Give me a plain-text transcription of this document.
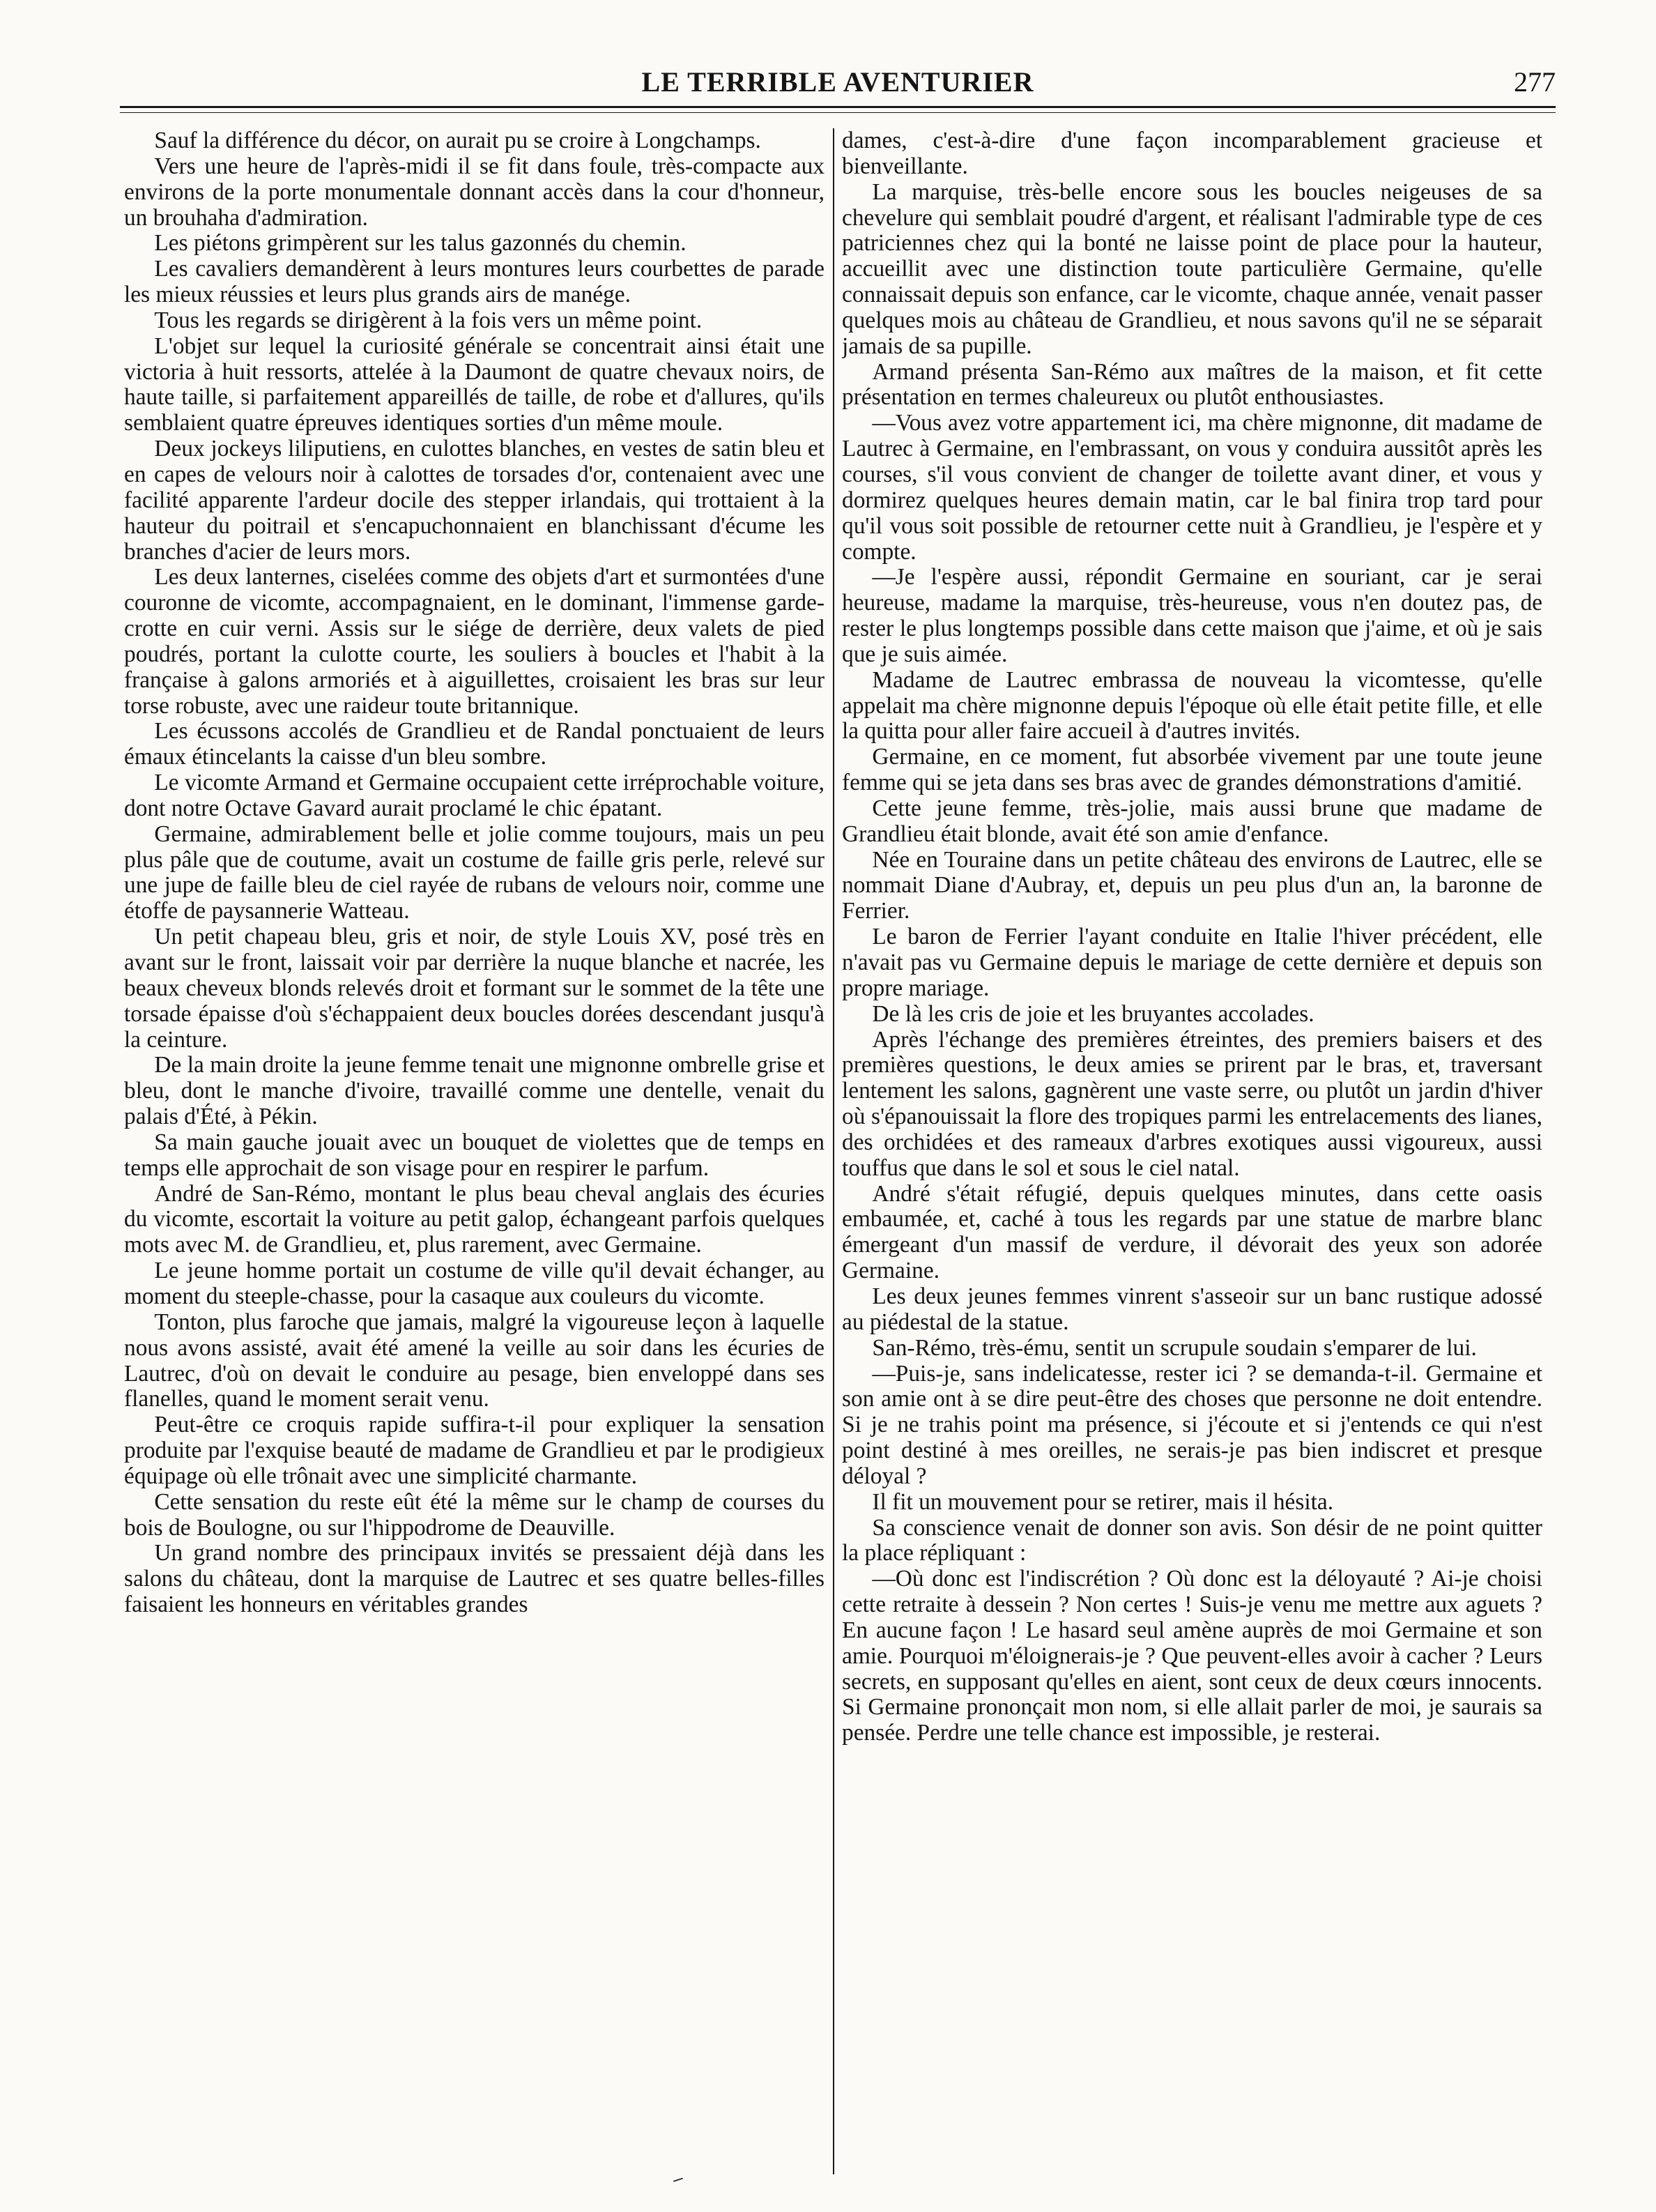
LE TERRIBLE AVENTURIER	277

Sauf la différence du décor, on aurait pu se croire à Longchamps.

Vers une heure de l'après-midi il se fit dans foule, très-compacte aux environs de la porte monumentale donnant accès dans la cour d'honneur, un brouhaha d'admiration.

Les piétons grimpèrent sur les talus gazonnés du chemin.

Les cavaliers demandèrent à leurs montures leurs courbettes de parade les mieux réussies et leurs plus grands airs de manége.

Tous les regards se dirigèrent à la fois vers un même point.

L'objet sur lequel la curiosité générale se concentrait ainsi était une victoria à huit ressorts, attelée à la Daumont de quatre chevaux noirs, de haute taille, si parfaitement appareillés de taille, de robe et d'allures, qu'ils semblaient quatre épreuves identiques sorties d'un même moule.

Deux jockeys liliputiens, en culottes blanches, en vestes de satin bleu et en capes de velours noir à calottes de torsades d'or, contenaient avec une facilité apparente l'ardeur docile des stepper irlandais, qui trottaient à la hauteur du poitrail et s'encapuchonnaient en blanchissant d'écume les branches d'acier de leurs mors.

Les deux lanternes, ciselées comme des objets d'art et surmontées d'une couronne de vicomte, accompagnaient, en le dominant, l'immense garde-crotte en cuir verni. Assis sur le siége de derrière, deux valets de pied poudrés, portant la culotte courte, les souliers à boucles et l'habit à la française à galons armoriés et à aiguillettes, croisaient les bras sur leur torse robuste, avec une raideur toute britannique.

Les écussons accolés de Grandlieu et de Randal ponctuaient de leurs émaux étincelants la caisse d'un bleu sombre.

Le vicomte Armand et Germaine occupaient cette irréprochable voiture, dont notre Octave Gavard aurait proclamé le chic épatant.

Germaine, admirablement belle et jolie comme toujours, mais un peu plus pâle que de coutume, avait un costume de faille gris perle, relevé sur une jupe de faille bleu de ciel rayée de rubans de velours noir, comme une étoffe de paysannerie Watteau.

Un petit chapeau bleu, gris et noir, de style Louis XV, posé très en avant sur le front, laissait voir par derrière la nuque blanche et nacrée, les beaux cheveux blonds relevés droit et formant sur le sommet de la tête une torsade épaisse d'où s'échappaient deux boucles dorées descendant jusqu'à la ceinture.

De la main droite la jeune femme tenait une mignonne ombrelle grise et bleu, dont le manche d'ivoire, travaillé comme une dentelle, venait du palais d'Été, à Pékin.

Sa main gauche jouait avec un bouquet de violettes que de temps en temps elle approchait de son visage pour en respirer le parfum.

André de San-Rémo, montant le plus beau cheval anglais des écuries du vicomte, escortait la voiture au petit galop, échangeant parfois quelques mots avec M. de Grandlieu, et, plus rarement, avec Germaine.

Le jeune homme portait un costume de ville qu'il devait échanger, au moment du steeple-chasse, pour la casaque aux couleurs du vicomte.

Tonton, plus faroche que jamais, malgré la vigoureuse leçon à laquelle nous avons assisté, avait été amené la veille au soir dans les écuries de Lautrec, d'où on devait le conduire au pesage, bien enveloppé dans ses flanelles, quand le moment serait venu.

Peut-être ce croquis rapide suffira-t-il pour expliquer la sensation produite par l'exquise beauté de madame de Grandlieu et par le prodigieux équipage où elle trônait avec une simplicité charmante.

Cette sensation du reste eût été la même sur le champ de courses du bois de Boulogne, ou sur l'hippodrome de Deauville.

Un grand nombre des principaux invités se pressaient déjà dans les salons du château, dont la marquise de Lautrec et ses quatre belles-filles faisaient les honneurs en véritables grandes

dames, c'est-à-dire d'une façon incomparablement gracieuse et bienveillante.

La marquise, très-belle encore sous les boucles neigeuses de sa chevelure qui semblait poudré d'argent, et réalisant l'admirable type de ces patriciennes chez qui la bonté ne laisse point de place pour la hauteur, accueillit avec une distinction toute particulière Germaine, qu'elle connaissait depuis son enfance, car le vicomte, chaque année, venait passer quelques mois au château de Grandlieu, et nous savons qu'il ne se séparait jamais de sa pupille.

Armand présenta San-Rémo aux maîtres de la maison, et fit cette présentation en termes chaleureux ou plutôt enthousiastes.

—Vous avez votre appartement ici, ma chère mignonne, dit madame de Lautrec à Germaine, en l'embrassant, on vous y conduira aussitôt après les courses, s'il vous convient de changer de toilette avant diner, et vous y dormirez quelques heures demain matin, car le bal finira trop tard pour qu'il vous soit possible de retourner cette nuit à Grandlieu, je l'espère et y compte.

—Je l'espère aussi, répondit Germaine en souriant, car je serai heureuse, madame la marquise, très-heureuse, vous n'en doutez pas, de rester le plus longtemps possible dans cette maison que j'aime, et où je sais que je suis aimée.

Madame de Lautrec embrassa de nouveau la vicomtesse, qu'elle appelait ma chère mignonne depuis l'époque où elle était petite fille, et elle la quitta pour aller faire accueil à d'autres invités.

Germaine, en ce moment, fut absorbée vivement par une toute jeune femme qui se jeta dans ses bras avec de grandes démonstrations d'amitié.

Cette jeune femme, très-jolie, mais aussi brune que madame de Grandlieu était blonde, avait été son amie d'enfance.

Née en Touraine dans un petite château des environs de Lautrec, elle se nommait Diane d'Aubray, et, depuis un peu plus d'un an, la baronne de Ferrier.

Le baron de Ferrier l'ayant conduite en Italie l'hiver précédent, elle n'avait pas vu Germaine depuis le mariage de cette dernière et depuis son propre mariage.

De là les cris de joie et les bruyantes accolades.

Après l'échange des premières étreintes, des premiers baisers et des premières questions, le deux amies se prirent par le bras, et, traversant lentement les salons, gagnèrent une vaste serre, ou plutôt un jardin d'hiver où s'épanouissait la flore des tropiques parmi les entrelacements des lianes, des orchidées et des rameaux d'arbres exotiques aussi vigoureux, aussi touffus que dans le sol et sous le ciel natal.

André s'était réfugié, depuis quelques minutes, dans cette oasis embaumée, et, caché à tous les regards par une statue de marbre blanc émergeant d'un massif de verdure, il dévorait des yeux son adorée Germaine.

Les deux jeunes femmes vinrent s'asseoir sur un banc rustique adossé au piédestal de la statue.

San-Rémo, très-ému, sentit un scrupule soudain s'emparer de lui.

—Puis-je, sans indelicatesse, rester ici ? se demanda-t-il. Germaine et son amie ont à se dire peut-être des choses que personne ne doit entendre. Si je ne trahis point ma présence, si j'écoute et si j'entends ce qui n'est point destiné à mes oreilles, ne serais-je pas bien indiscret et presque déloyal ?

Il fit un mouvement pour se retirer, mais il hésita.

Sa conscience venait de donner son avis. Son désir de ne point quitter la place répliquant :

—Où donc est l'indiscrétion ? Où donc est la déloyauté ? Ai-je choisi cette retraite à dessein ? Non certes ! Suis-je venu me mettre aux aguets ? En aucune façon ! Le hasard seul amène auprès de moi Germaine et son amie. Pourquoi m'éloignerais-je ? Que peuvent-elles avoir à cacher ? Leurs secrets, en supposant qu'elles en aient, sont ceux de deux cœurs innocents. Si Germaine prononçait mon nom, si elle allait parler de moi, je saurais sa pensée. Perdre une telle chance est impossible, je resterai.
